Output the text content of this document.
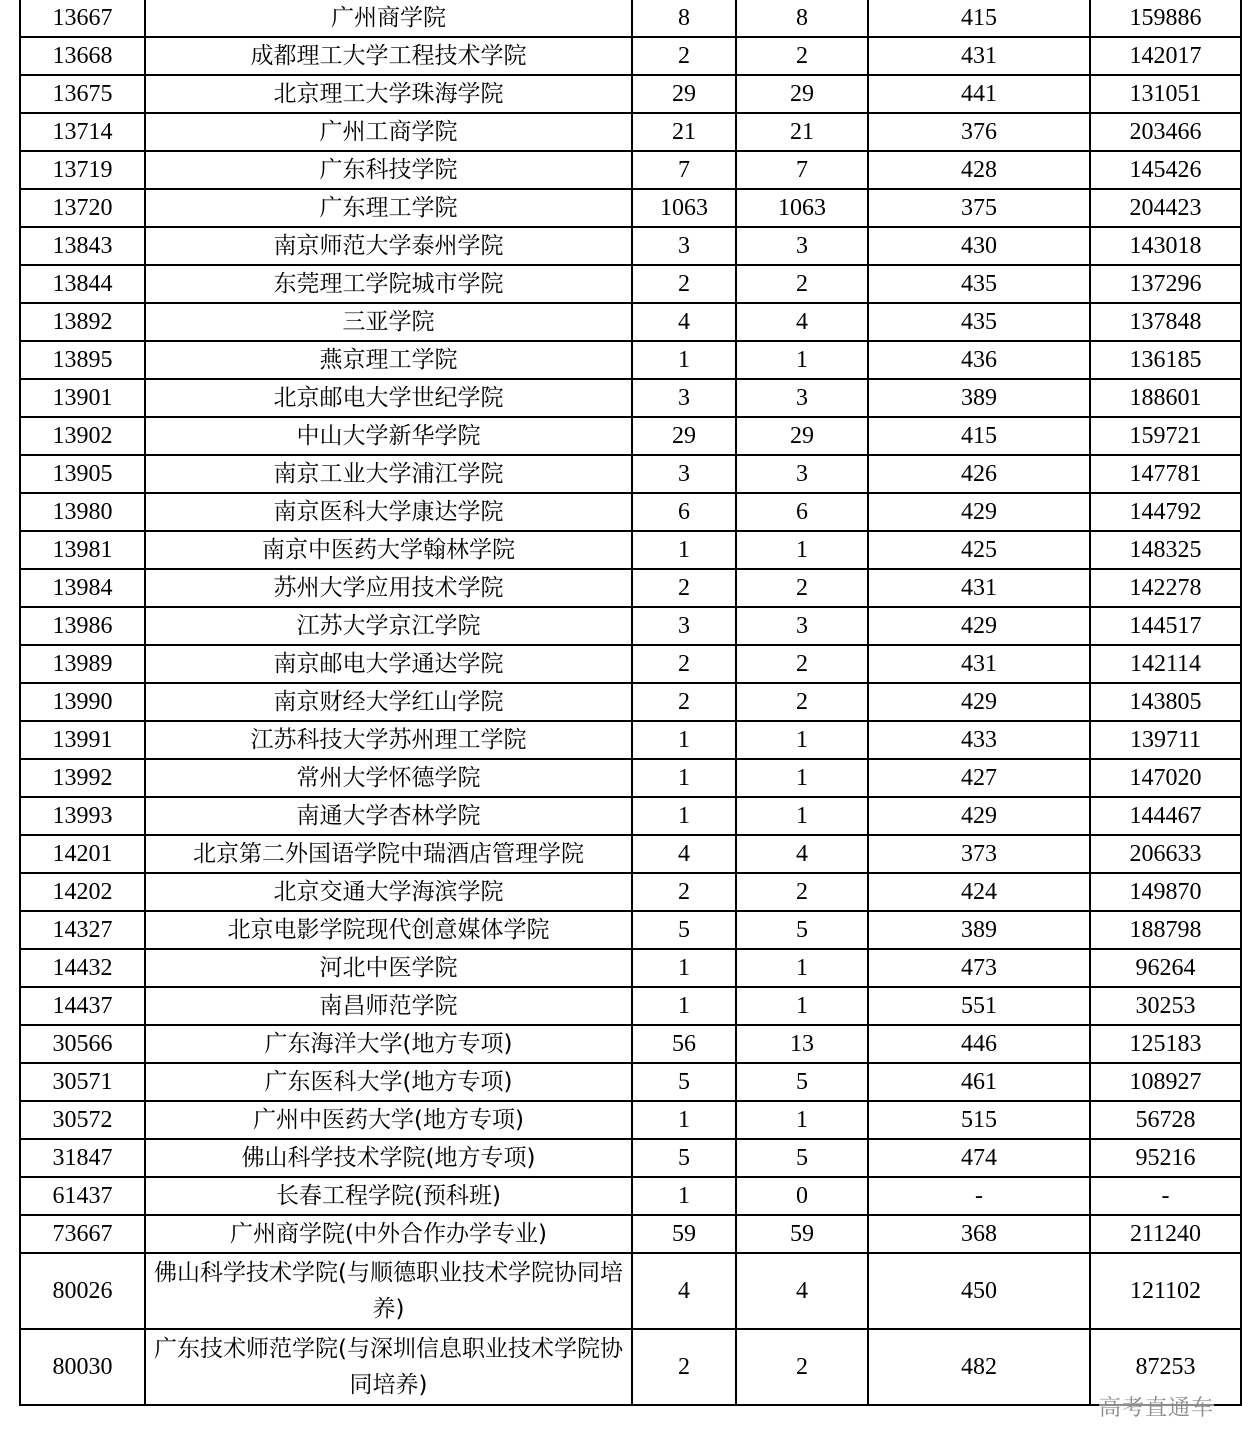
13667	广州商学院	8	8	415	159886
13668	成都理工大学工程技术学院	2	2	431	142017
13675	北京理工大学珠海学院	29	29	441	131051
13714	广州工商学院	21	21	376	203466
13719	广东科技学院	7	7	428	145426
13720	广东理工学院	1063	1063	375	204423
13843	南京师范大学泰州学院	3	3	430	143018
13844	东莞理工学院城市学院	2	2	435	137296
13892	三亚学院	4	4	435	137848
13895	燕京理工学院	1	1	436	136185
13901	北京邮电大学世纪学院	3	3	389	188601
13902	中山大学新华学院	29	29	415	159721
13905	南京工业大学浦江学院	3	3	426	147781
13980	南京医科大学康达学院	6	6	429	144792
13981	南京中医药大学翰林学院	1	1	425	148325
13984	苏州大学应用技术学院	2	2	431	142278
13986	江苏大学京江学院	3	3	429	144517
13989	南京邮电大学通达学院	2	2	431	142114
13990	南京财经大学红山学院	2	2	429	143805
13991	江苏科技大学苏州理工学院	1	1	433	139711
13992	常州大学怀德学院	1	1	427	147020
13993	南通大学杏林学院	1	1	429	144467
14201	北京第二外国语学院中瑞酒店管理学院	4	4	373	206633
14202	北京交通大学海滨学院	2	2	424	149870
14327	北京电影学院现代创意媒体学院	5	5	389	188798
14432	河北中医学院	1	1	473	96264
14437	南昌师范学院	1	1	551	30253
30566	广东海洋大学(地方专项)	56	13	446	125183
30571	广东医科大学(地方专项)	5	5	461	108927
30572	广州中医药大学(地方专项)	1	1	515	56728
31847	佛山科学技术学院(地方专项)	5	5	474	95216
61437	长春工程学院(预科班)	1	0	-	-
73667	广州商学院(中外合作办学专业)	59	59	368	211240
80026	佛山科学技术学院(与顺德职业技术学院协同培养)	4	4	450	121102
80030	广东技术师范学院(与深圳信息职业技术学院协同培养)	2	2	482	87253
高考直通车
